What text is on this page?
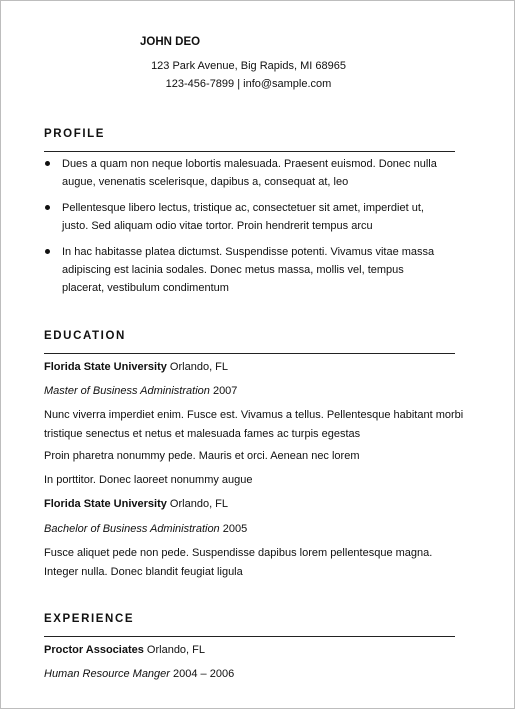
JOHN DEO
123 Park Avenue, Big Rapids, MI 68965
123-456-7899 | info@sample.com
PROFILE
Dues a quam non neque lobortis malesuada. Praesent euismod. Donec nulla augue, venenatis scelerisque, dapibus a, consequat at, leo
Pellentesque libero lectus, tristique ac, consectetuer sit amet, imperdiet ut, justo. Sed aliquam odio vitae tortor. Proin hendrerit tempus arcu
In hac habitasse platea dictumst. Suspendisse potenti. Vivamus vitae massa adipiscing est lacinia sodales. Donec metus massa, mollis vel, tempus placerat, vestibulum condimentum
EDUCATION
Florida State University Orlando, FL
Master of Business Administration 2007
Nunc viverra imperdiet enim. Fusce est. Vivamus a tellus. Pellentesque habitant morbi
tristique senectus et netus et malesuada fames ac turpis egestas
Proin pharetra nonummy pede. Mauris et orci. Aenean nec lorem
In porttitor. Donec laoreet nonummy augue
Florida State University Orlando, FL
Bachelor of Business Administration 2005
Fusce aliquet pede non pede. Suspendisse dapibus lorem pellentesque magna.
Integer nulla. Donec blandit feugiat ligula
EXPERIENCE
Proctor Associates Orlando, FL
Human Resource Manger 2004 – 2006
